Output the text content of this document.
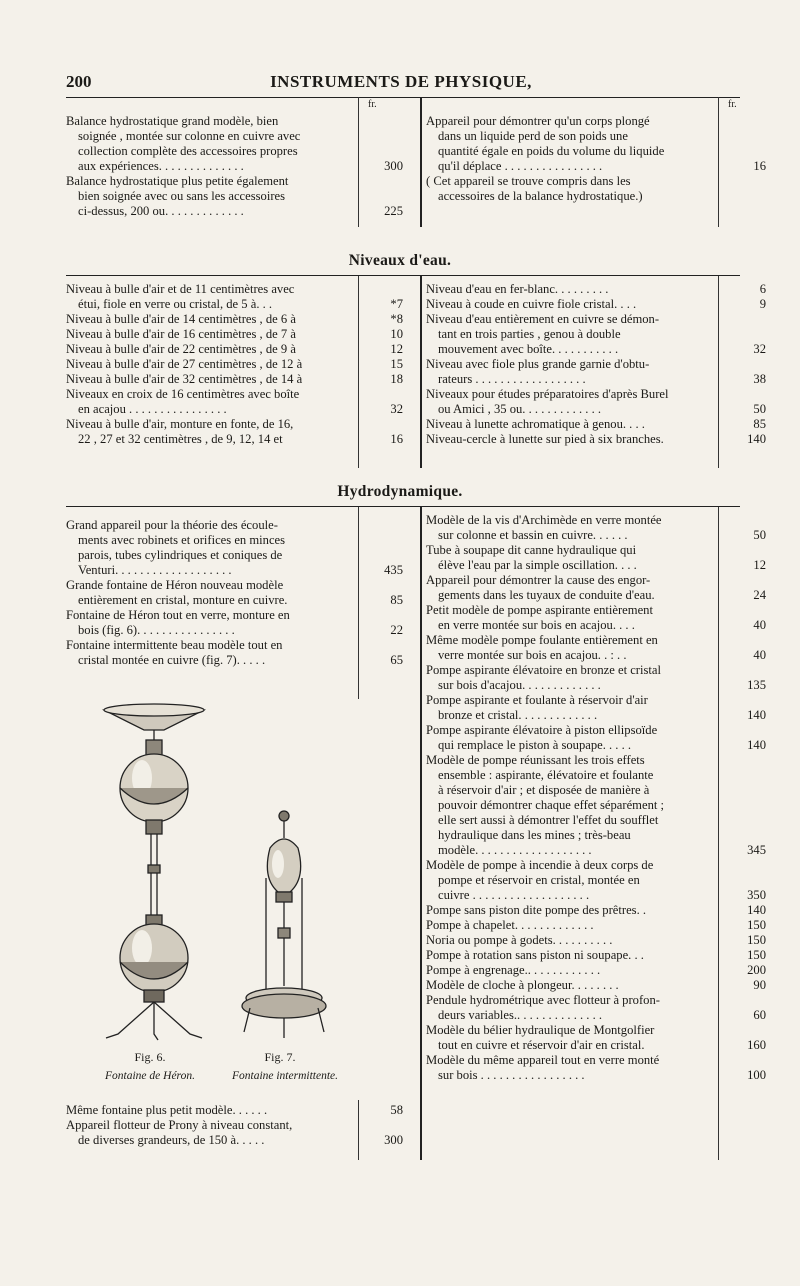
200	INSTRUMENTS DE PHYSIQUE,
fr.	fr.
Balance hydrostatique grand modèle, bien
soignée , montée sur colonne en cuivre avec
collection complète des accessoires propres
aux expériences. . . . . . . . . . . . . .	300
Balance hydrostatique plus petite également
bien soignée avec ou sans les accessoires
ci-dessus, 200 ou. . . . . . . . . . . . .	225
Appareil pour démontrer qu'un corps plongé
dans un liquide perd de son poids une
quantité égale en poids du volume du liquide
qu'il déplace . . . . . . . . . . . . . . . .	16
( Cet appareil se trouve compris dans les
accessoires de la balance hydrostatique.)
Niveaux d'eau.
Niveau à bulle d'air et de 11 centimètres avec
étui, fiole en verre ou cristal, de 5 à. . .	*7
Niveau à bulle d'air de 14 centimètres , de 6 à	*8
Niveau à bulle d'air de 16 centimètres , de 7 à	10
Niveau à bulle d'air de 22 centimètres , de 9 à	12
Niveau à bulle d'air de 27 centimètres , de 12 à	15
Niveau à bulle d'air de 32 centimètres , de 14 à	18
Niveaux en croix de 16 centimètres avec boîte
en acajou . . . . . . . . . . . . . . . .	32
Niveau à bulle d'air, monture en fonte, de 16,
22 , 27 et 32 centimètres , de 9, 12, 14 et	16
Niveau d'eau en fer-blanc. . . . . . . . .	6
Niveau à coude en cuivre fiole cristal. . . .	9
Niveau d'eau entièrement en cuivre se démon-
tant en trois parties , genou à double
mouvement avec boîte. . . . . . . . . . .	32
Niveau avec fiole plus grande garnie d'obtu-
rateurs . . . . . . . . . . . . . . . . . .	38
Niveaux pour études préparatoires d'après Burel
ou Amici , 35 ou. . . . . . . . . . . . .	50
Niveau à lunette achromatique à genou. . . .	85
Niveau-cercle à lunette sur pied à six branches.	140
Hydrodynamique.
Grand appareil pour la théorie des écoule-
ments avec robinets et orifices en minces
parois, tubes cylindriques et coniques de
Venturi. . . . . . . . . . . . . . . . . . .	435
Grande fontaine de Héron nouveau modèle
entièrement en cristal, monture en cuivre.	85
Fontaine de Héron tout en verre, monture en
bois (fig. 6). . . . . . . . . . . . . . . .	22
Fontaine intermittente beau modèle tout en
cristal montée en cuivre (fig. 7). . . . .	65
Modèle de la vis d'Archimède en verre montée
sur colonne et bassin en cuivre. . . . . .	50
Tube à soupape dit canne hydraulique qui
élève l'eau par la simple oscillation. . . .	12
Appareil pour démontrer la cause des engor-
gements dans les tuyaux de conduite d'eau.	24
Petit modèle de pompe aspirante entièrement
en verre montée sur bois en acajou. . . .	40
Même modèle pompe foulante entièrement en
verre montée sur bois en acajou. . : . .	40
Pompe aspirante élévatoire en bronze et cristal
sur bois d'acajou. . . . . . . . . . . . .	135
Pompe aspirante et foulante à réservoir d'air
bronze et cristal. . . . . . . . . . . . .	140
Pompe aspirante élévatoire à piston ellipsoïde
qui remplace le piston à soupape. . . . .	140
Modèle de pompe réunissant les trois effets
ensemble : aspirante, élévatoire et foulante
à réservoir d'air ; et disposée de manière à
pouvoir démontrer chaque effet séparément ;
elle sert aussi à démontrer l'effet du soufflet
hydraulique dans les mines ; très-beau
modèle. . . . . . . . . . . . . . . . . . .	345
Modèle de pompe à incendie à deux corps de
pompe et réservoir en cristal, montée en
cuivre . . . . . . . . . . . . . . . . . . .	350
Pompe sans piston dite pompe des prêtres. .	140
Pompe à chapelet. . . . . . . . . . . . .	150
Noria ou pompe à godets. . . . . . . . . .	150
Pompe à rotation sans piston ni soupape. . .	150
Pompe à engrenage.. . . . . . . . . . . .	200
Modèle de cloche à plongeur. . . . . . . .	90
Pendule hydrométrique avec flotteur à profon-
deurs variables.. . . . . . . . . . . . . .	60
Modèle du bélier hydraulique de Montgolfier
tout en cuivre et réservoir d'air en cristal.	160
Modèle du même appareil tout en verre monté
sur bois . . . . . . . . . . . . . . . . .	100
Même fontaine plus petit modèle. . . . . .	58
Appareil flotteur de Prony à niveau constant,
de diverses grandeurs, de 150 à. . . . .	300
Fig. 6.	Fig. 7.
Fontaine de Héron.	Fontaine intermittente.
